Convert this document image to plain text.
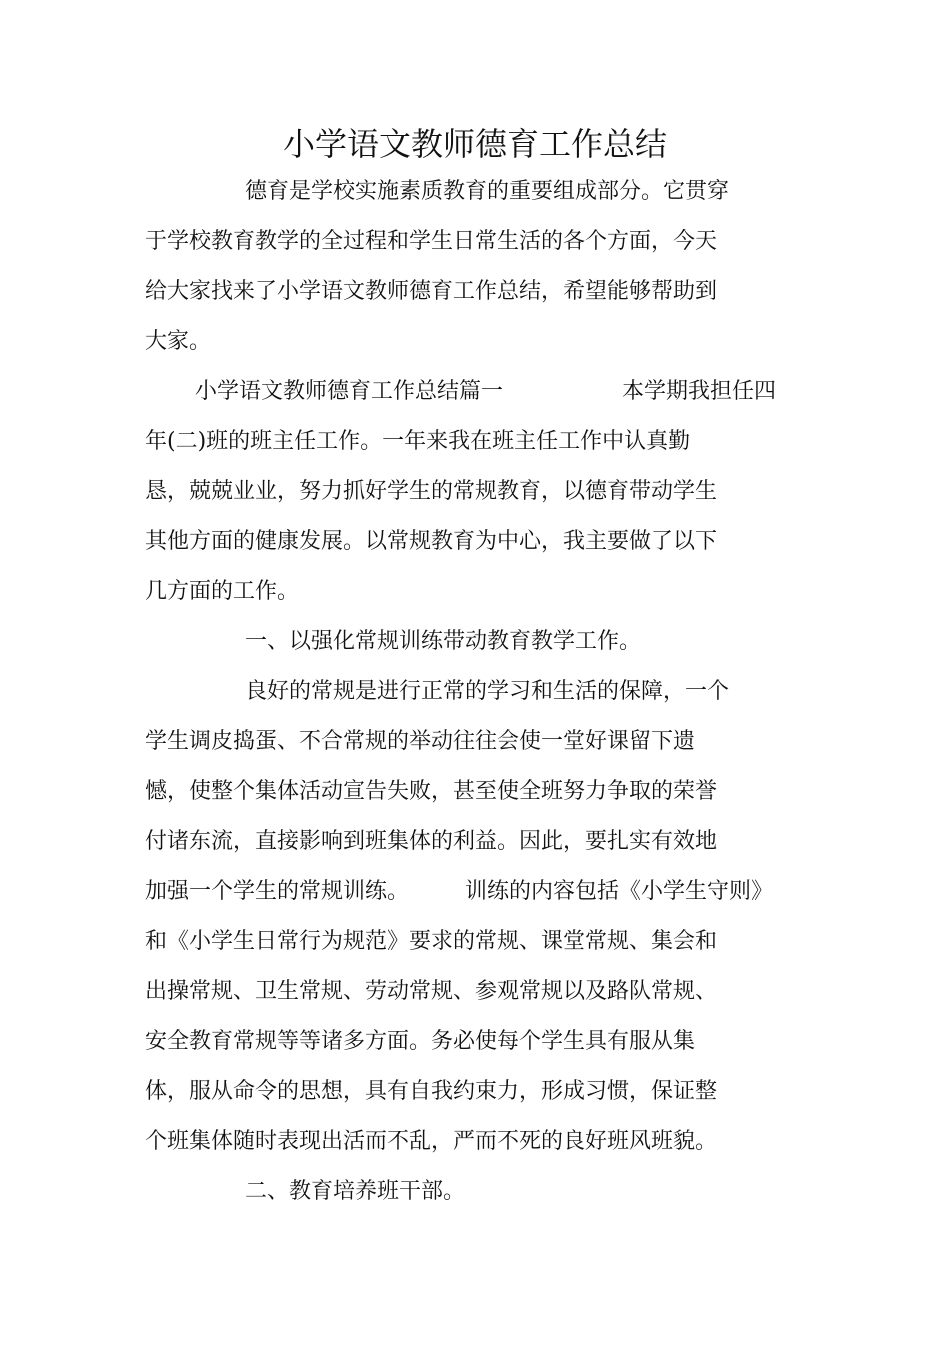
小学语文教师德育工作总结
德育是学校实施素质教育的重要组成部分。它贯穿
于学校教育教学的全过程和学生日常生活的各个方面，今天
给大家找来了小学语文教师德育工作总结，希望能够帮助到
大家。
小学语文教师德育工作总结篇一	本学期我担任四
年(二)班的班主任工作。一年来我在班主任工作中认真勤
恳，兢兢业业，努力抓好学生的常规教育，以德育带动学生
其他方面的健康发展。以常规教育为中心，我主要做了以下
几方面的工作。
一、以强化常规训练带动教育教学工作。
良好的常规是进行正常的学习和生活的保障，一个
学生调皮捣蛋、不合常规的举动往往会使一堂好课留下遗
憾，使整个集体活动宣告失败，甚至使全班努力争取的荣誉
付诸东流，直接影响到班集体的利益。因此，要扎实有效地
加强一个学生的常规训练。	训练的内容包括《小学生守则》
和《小学生日常行为规范》要求的常规、课堂常规、集会和
出操常规、卫生常规、劳动常规、参观常规以及路队常规、
安全教育常规等等诸多方面。务必使每个学生具有服从集
体，服从命令的思想，具有自我约束力，形成习惯，保证整
个班集体随时表现出活而不乱，严而不死的良好班风班貌。
二、教育培养班干部。
